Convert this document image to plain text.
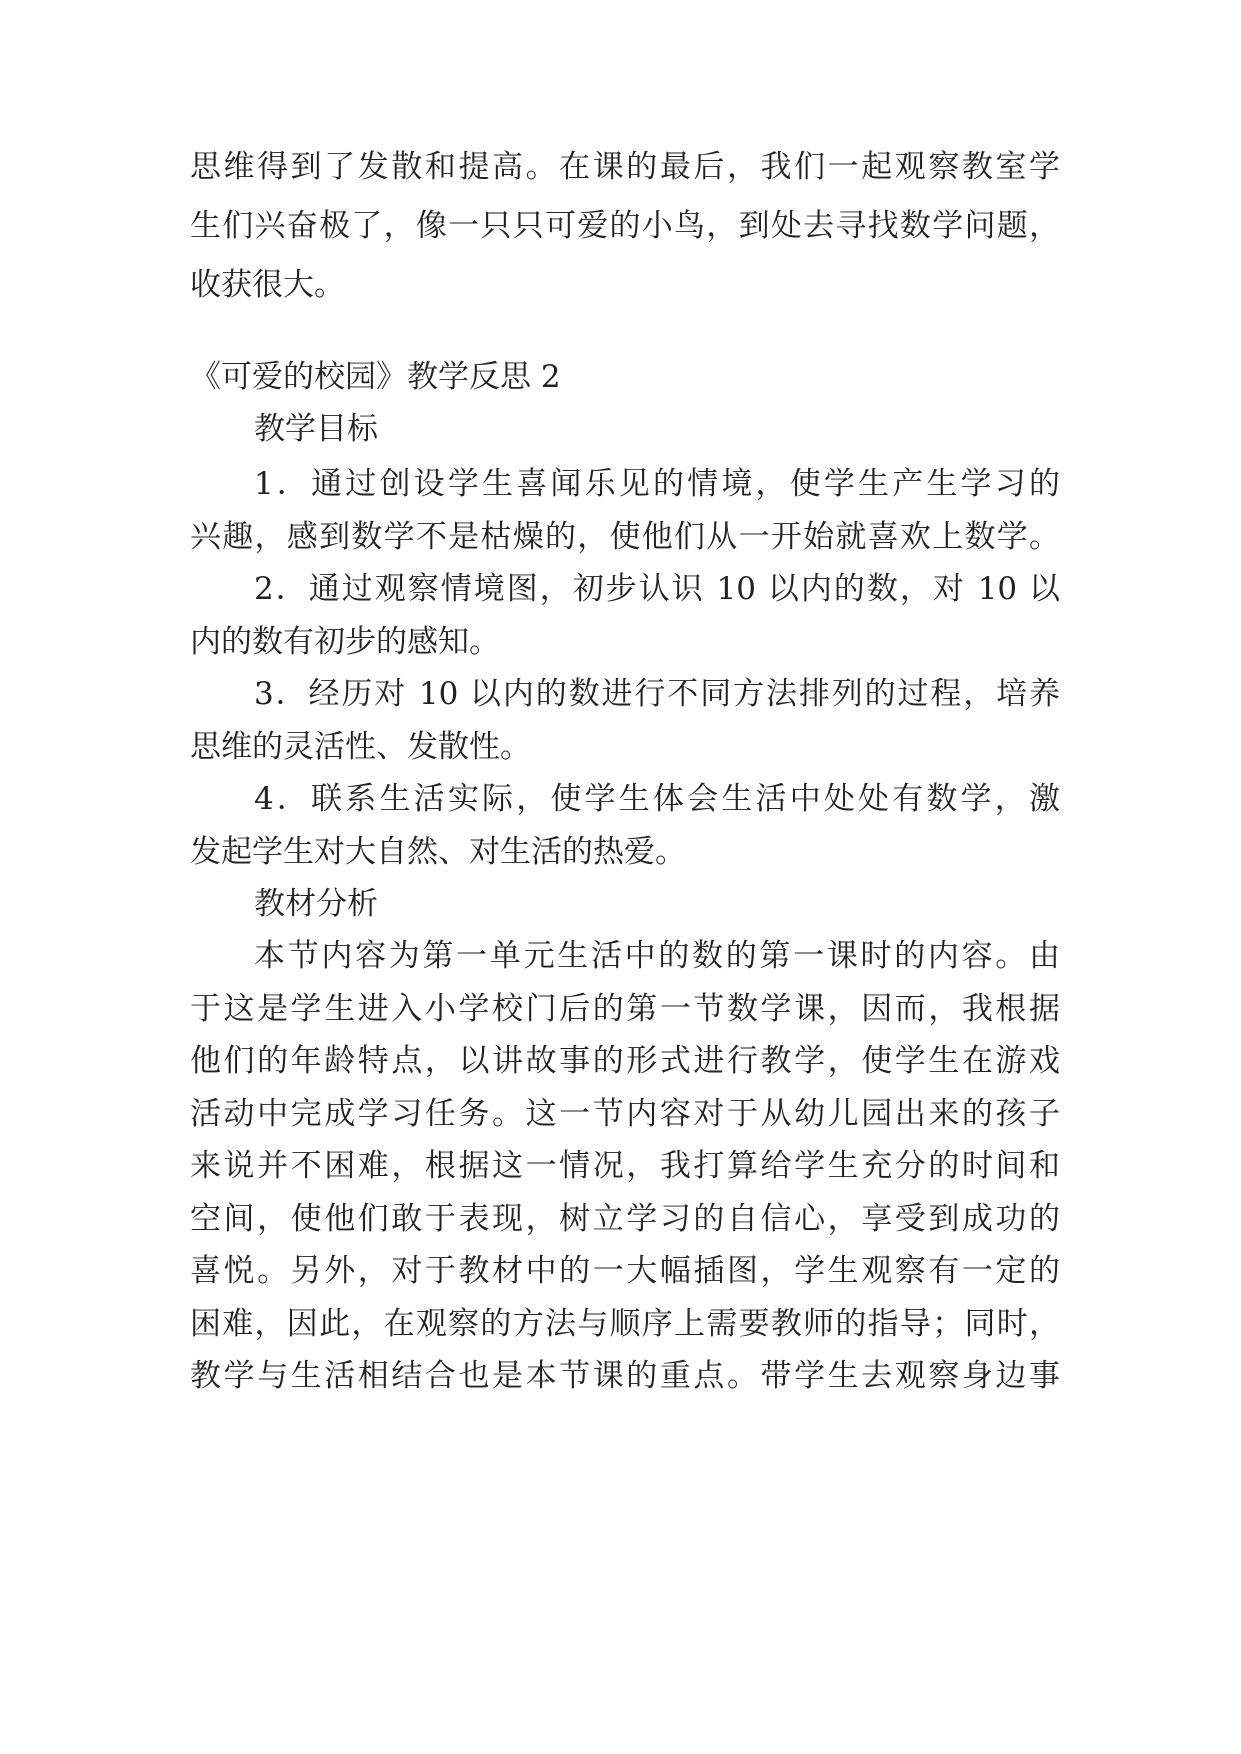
思维得到了发散和提高。在课的最后，我们一起观察教室学
生们兴奋极了，像一只只可爱的小鸟，到处去寻找数学问题，
收获很大。
《可爱的校园》教学反思 2
教学目标
1．通过创设学生喜闻乐见的情境，使学生产生学习的
兴趣，感到数学不是枯燥的，使他们从一开始就喜欢上数学。
2．通过观察情境图，初步认识 10 以内的数，对 10 以
内的数有初步的感知。
3．经历对 10 以内的数进行不同方法排列的过程，培养
思维的灵活性、发散性。
4．联系生活实际，使学生体会生活中处处有数学，激
发起学生对大自然、对生活的热爱。
教材分析
本节内容为第一单元生活中的数的第一课时的内容。由
于这是学生进入小学校门后的第一节数学课，因而，我根据
他们的年龄特点，以讲故事的形式进行教学，使学生在游戏
活动中完成学习任务。这一节内容对于从幼儿园出来的孩子
来说并不困难，根据这一情况，我打算给学生充分的时间和
空间，使他们敢于表现，树立学习的自信心，享受到成功的
喜悦。另外，对于教材中的一大幅插图，学生观察有一定的
困难，因此，在观察的方法与顺序上需要教师的指导；同时，
教学与生活相结合也是本节课的重点。带学生去观察身边事
